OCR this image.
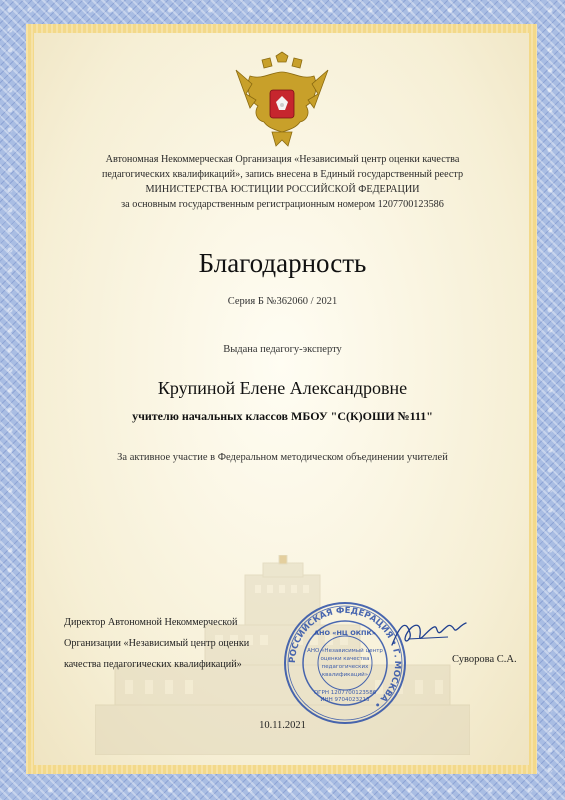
Автономная Некоммерческая Организация «Независимый центр оценки качества
педагогических квалификаций», запись внесена в Единый государственный реестр
МИНИСТЕРСТВА ЮСТИЦИИ РОССИЙСКОЙ ФЕДЕРАЦИИ
за основным государственным регистрационным номером 1207700123586
Благодарность
Серия Б №362060 / 2021
Выдана педагогу-эксперту
Крупиной Елене Александровне
учителю начальных классов МБОУ "С(К)ОШИ №111"
За активное участие в Федеральном методическом объединении учителей
Директор Автономной Некоммерческой
Организации «Независимый центр оценки
качества педагогических квалификаций»	РОССИЙСКАЯ ФЕДЕРАЦИЯ • Г. МОСКВА •
АНО «НЦ ОКПК»
АНО «Независимый центр
оценки качества
педагогических
квалификаций»
ОГРН 1207700123586
ИНН 9704023213
Суворова С.А.
10.11.2021
